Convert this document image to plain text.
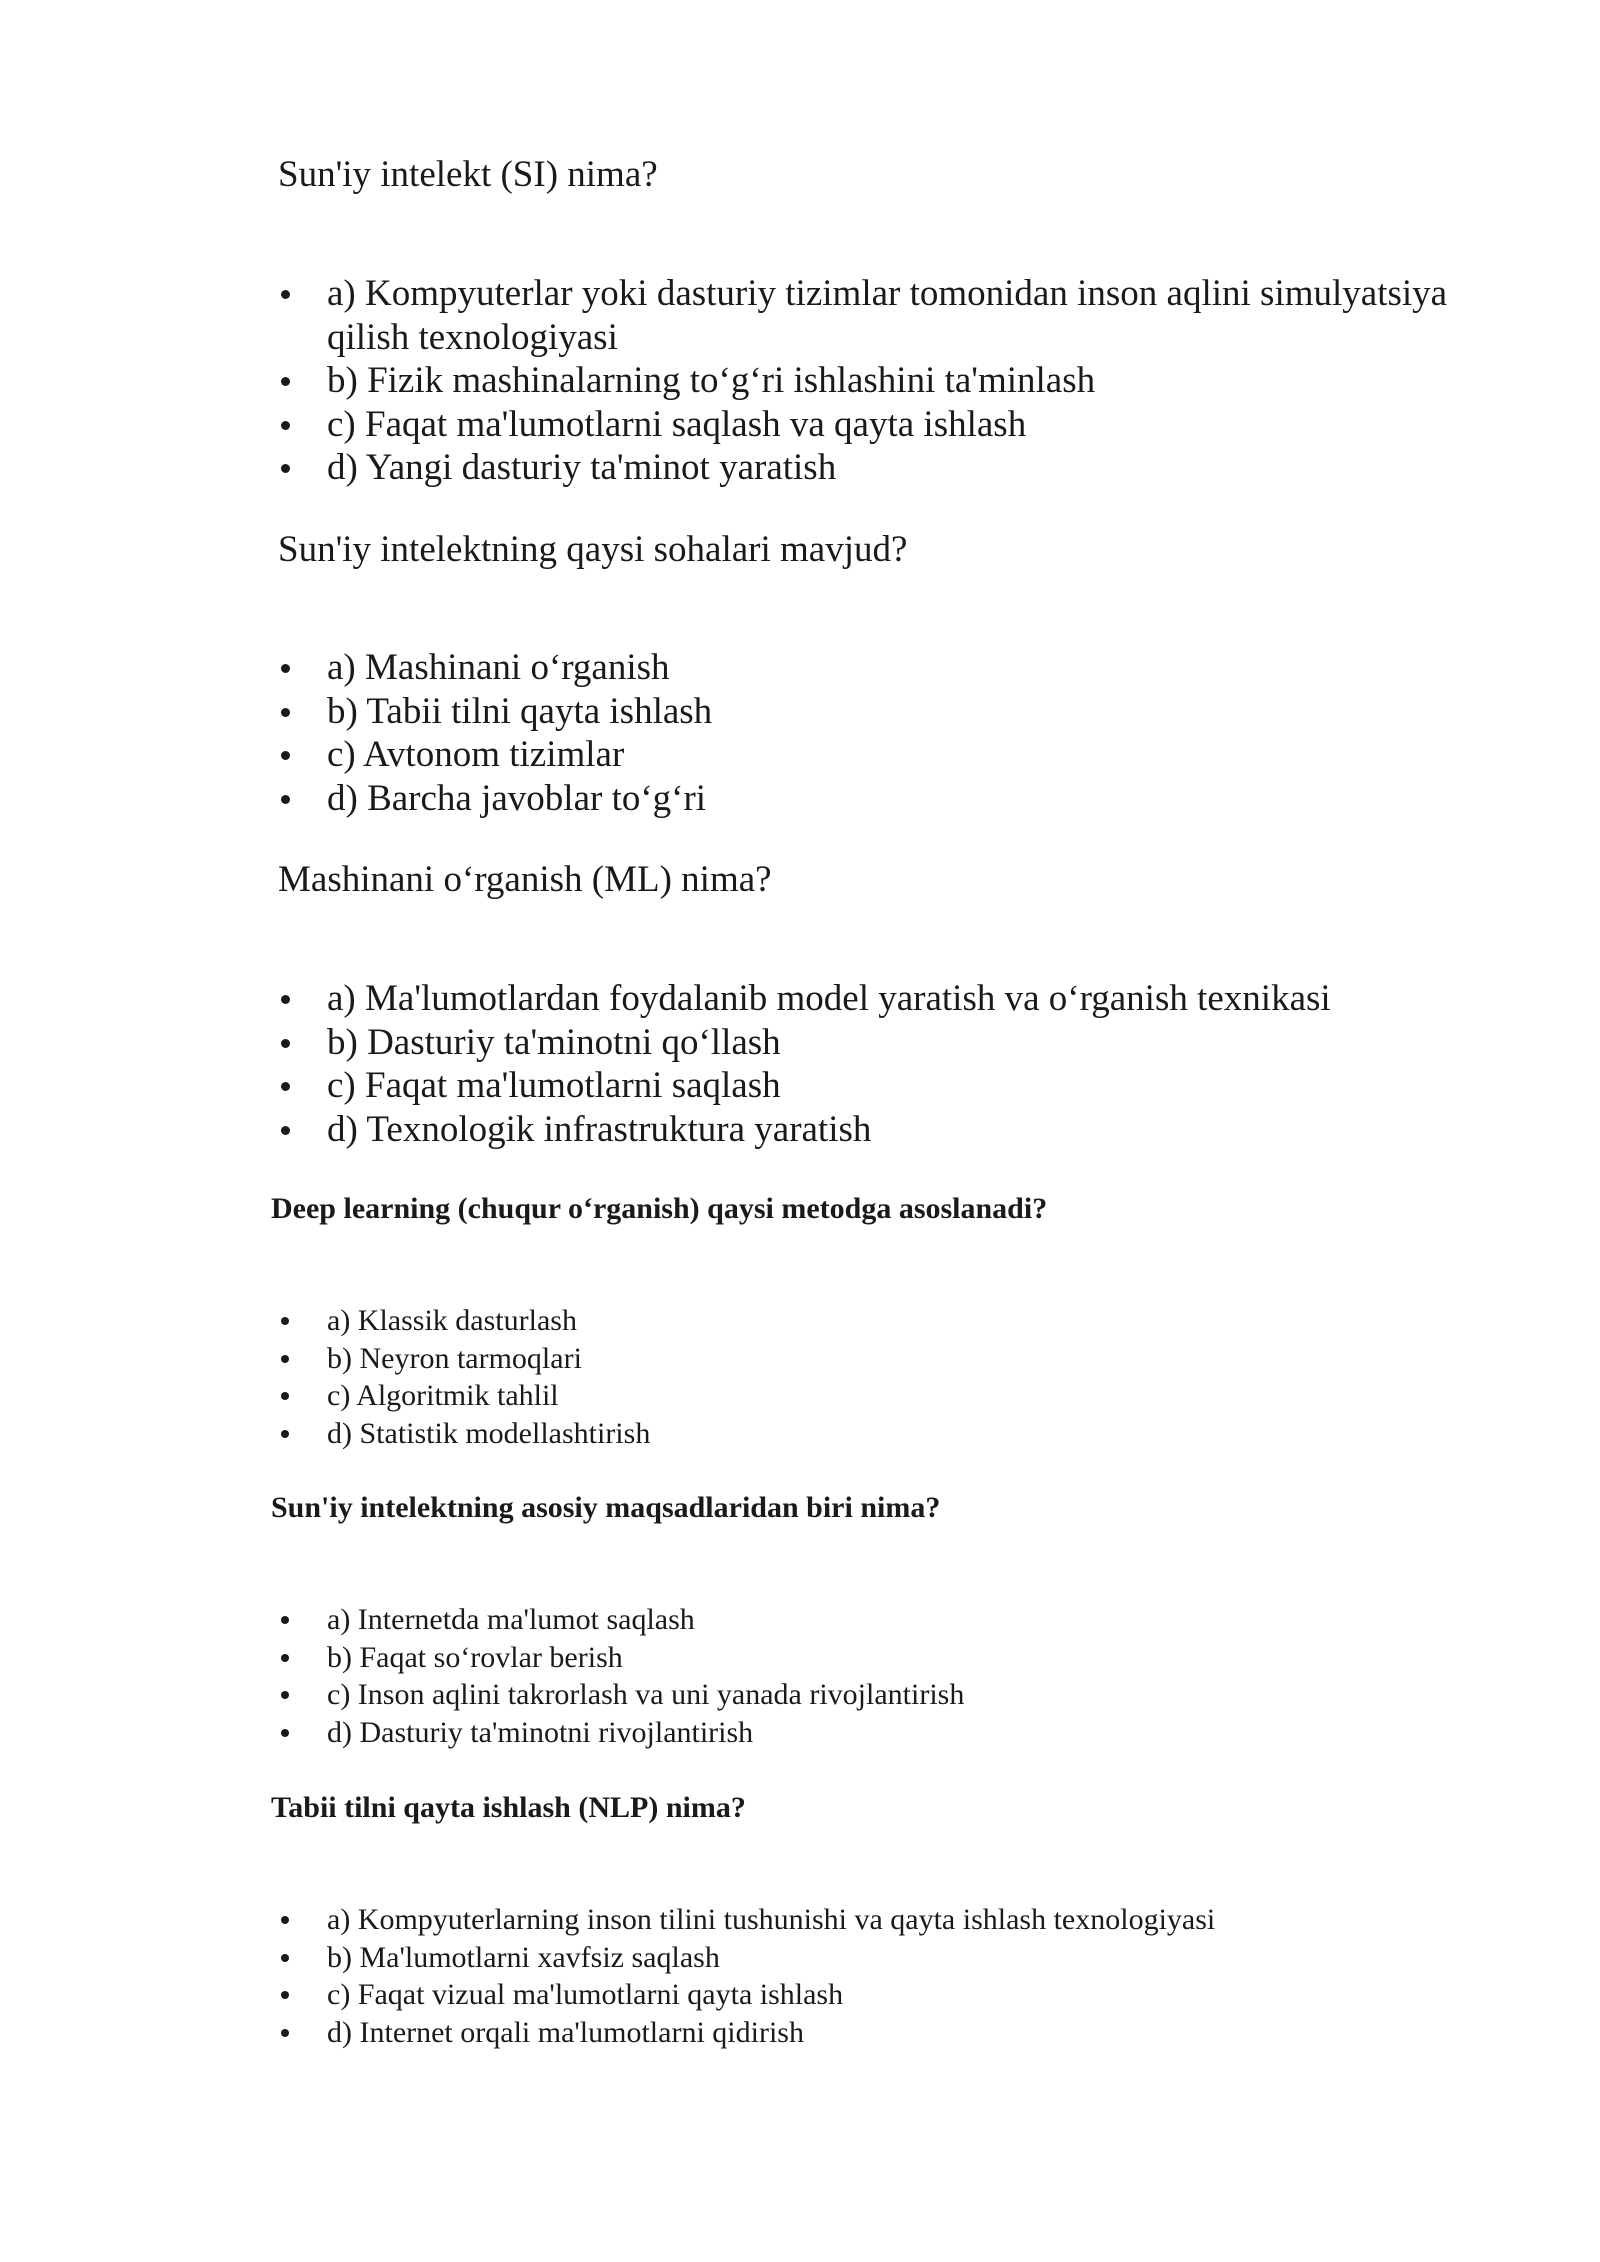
Sun'iy intelekt (SI) nima?

a) Kompyuterlar yoki dasturiy tizimlar tomonidan inson aqlini simulyatsiya qilish texnologiyasi
b) Fizik mashinalarning to‘g‘ri ishlashini ta'minlash
c) Faqat ma'lumotlarni saqlash va qayta ishlash
d) Yangi dasturiy ta'minot yaratish

Sun'iy intelektning qaysi sohalari mavjud?

a) Mashinani o‘rganish
b) Tabii tilni qayta ishlash
c) Avtonom tizimlar
d) Barcha javoblar to‘g‘ri

Mashinani o‘rganish (ML) nima?

a) Ma'lumotlardan foydalanib model yaratish va o‘rganish texnikasi
b) Dasturiy ta'minotni qo‘llash
c) Faqat ma'lumotlarni saqlash
d) Texnologik infrastruktura yaratish

Deep learning (chuqur o‘rganish) qaysi metodga asoslanadi?

a) Klassik dasturlash
b) Neyron tarmoqlari
c) Algoritmik tahlil
d) Statistik modellashtirish

Sun'iy intelektning asosiy maqsadlaridan biri nima?

a) Internetda ma'lumot saqlash
b) Faqat so‘rovlar berish
c) Inson aqlini takrorlash va uni yanada rivojlantirish
d) Dasturiy ta'minotni rivojlantirish

Tabii tilni qayta ishlash (NLP) nima?

a) Kompyuterlarning inson tilini tushunishi va qayta ishlash texnologiyasi
b) Ma'lumotlarni xavfsiz saqlash
c) Faqat vizual ma'lumotlarni qayta ishlash
d) Internet orqali ma'lumotlarni qidirish
